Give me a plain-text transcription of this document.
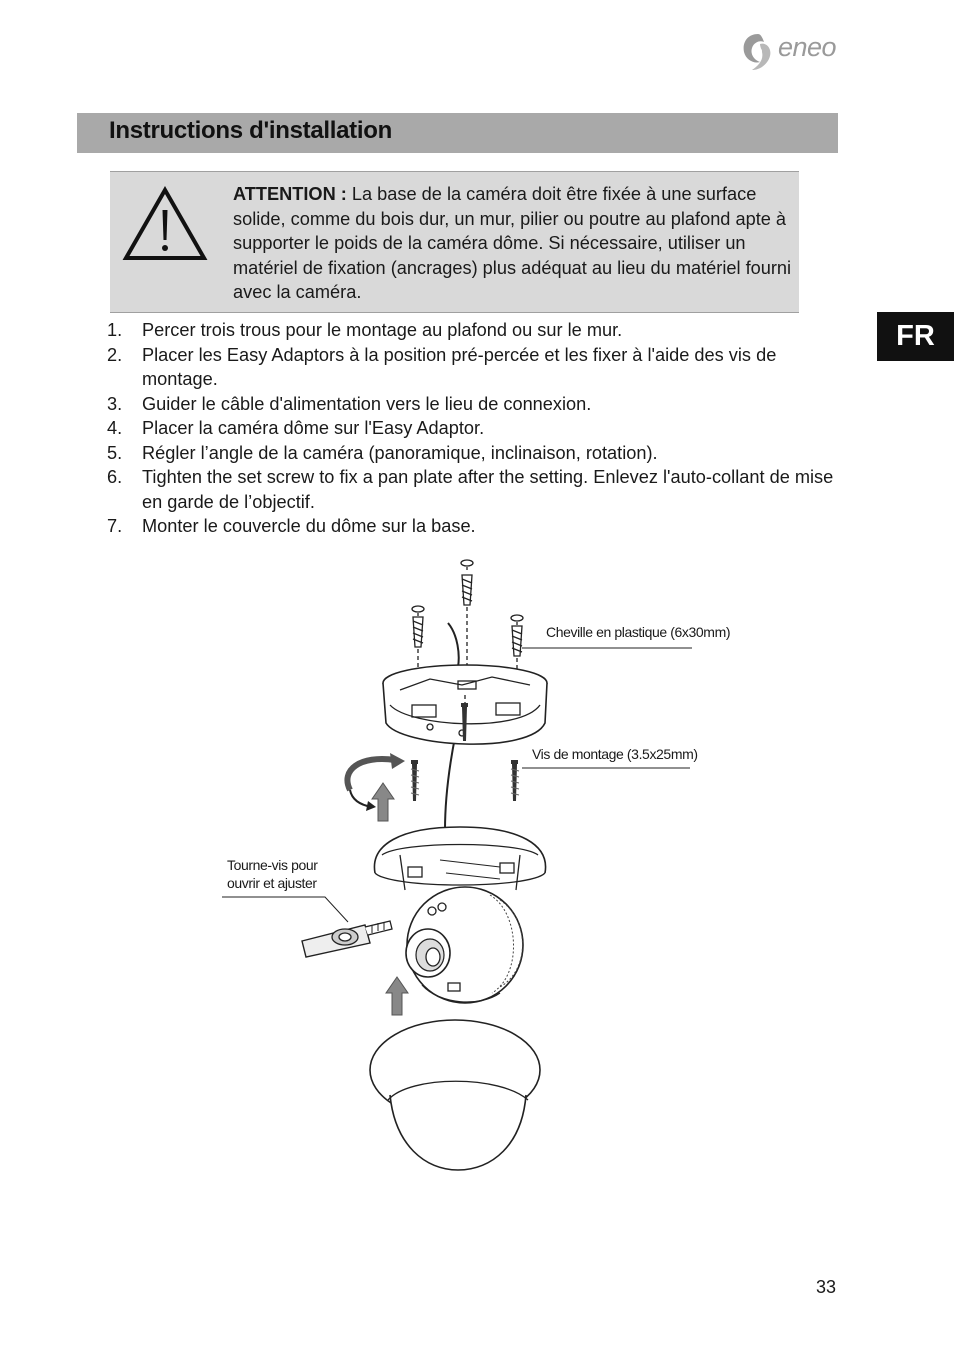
eneo
Instructions d'installation
ATTENTION : La base de la caméra doit être fixée à une surface solide, comme du bois dur, un mur, pilier ou poutre au plafond apte à supporter le poids de la caméra dôme. Si nécessaire, utiliser un matériel de fixation (ancrages) plus adéquat au lieu du matériel fourni avec la caméra.
FR
1. Percer trois trous pour le montage au plafond ou sur le mur.
2. Placer les Easy Adaptors à la position pré-percée et les fixer à l'aide des vis de montage.
3. Guider le câble d'alimentation vers le lieu de connexion.
4. Placer la caméra dôme sur l'Easy Adaptor.
5. Régler l’angle de la caméra (panoramique, inclinaison, rotation).
6. Tighten the set screw to fix a pan plate after the setting. Enlevez l'auto-collant de mise en garde de l’objectif.
7. Monter le couvercle du dôme sur la base.
Cheville en plastique (6x30mm)
Vis de montage (3.5x25mm)
Tourne-vis pour
ouvrir et ajuster
33
